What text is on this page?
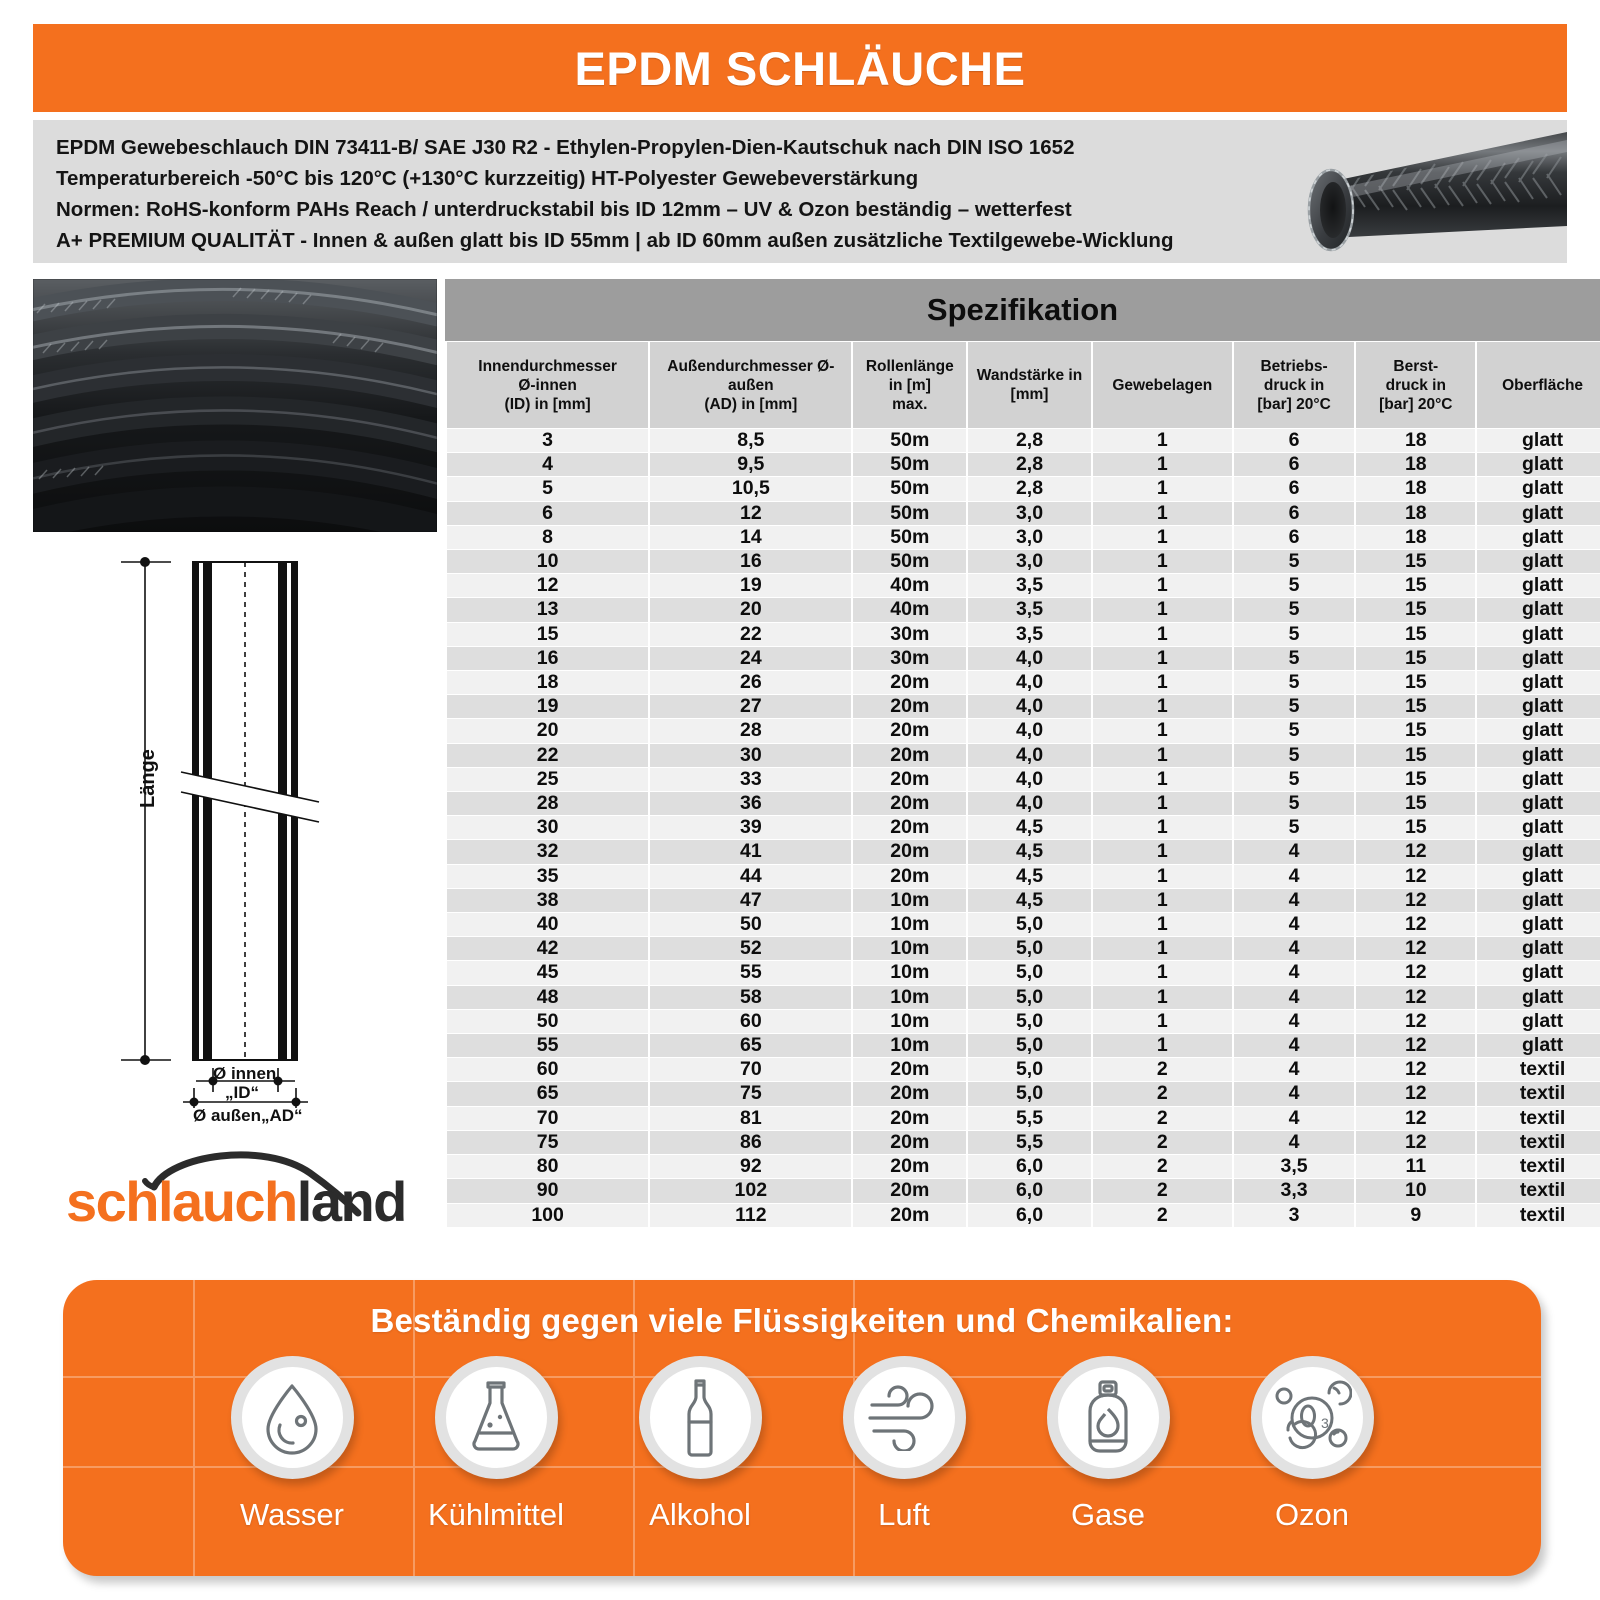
EPDM SCHLÄUCHE
EPDM Gewebeschlauch DIN 73411-B/ SAE J30 R2 - Ethylen-Propylen-Dien-Kautschuk nach DIN ISO 1652
Temperaturbereich -50°C bis 120°C (+130°C kurzzeitig) HT-Polyester Gewebeverstärkung
Normen: RoHS-konform PAHs Reach / unterdruckstabil bis ID 12mm – UV & Ozon beständig – wetterfest
A+ PREMIUM QUALITÄT - Innen & außen glatt bis ID 55mm | ab ID 60mm außen zusätzliche Textilgewebe-Wicklung
Länge
Ø innen
„ID“
Ø außen„AD“
schlauchland
Spezifikation
Innendurchmesser
Ø-innen
(ID) in [mm]

Außendurchmesser Ø-
außen
(AD) in [mm]

Rollenlänge
in [m]
max.

Wandstärke in
[mm]

Gewebelagen

Betriebs-
druck in
[bar] 20°C

Berst-
druck in
[bar] 20°C

Oberfläche

3	8,5	50m	2,8	1	6	18	glatt
4	9,5	50m	2,8	1	6	18	glatt
5	10,5	50m	2,8	1	6	18	glatt
6	12	50m	3,0	1	6	18	glatt
8	14	50m	3,0	1	6	18	glatt
10	16	50m	3,0	1	5	15	glatt
12	19	40m	3,5	1	5	15	glatt
13	20	40m	3,5	1	5	15	glatt
15	22	30m	3,5	1	5	15	glatt
16	24	30m	4,0	1	5	15	glatt
18	26	20m	4,0	1	5	15	glatt
19	27	20m	4,0	1	5	15	glatt
20	28	20m	4,0	1	5	15	glatt
22	30	20m	4,0	1	5	15	glatt
25	33	20m	4,0	1	5	15	glatt
28	36	20m	4,0	1	5	15	glatt
30	39	20m	4,5	1	5	15	glatt
32	41	20m	4,5	1	4	12	glatt
35	44	20m	4,5	1	4	12	glatt
38	47	10m	4,5	1	4	12	glatt
40	50	10m	5,0	1	4	12	glatt
42	52	10m	5,0	1	4	12	glatt
45	55	10m	5,0	1	4	12	glatt
48	58	10m	5,0	1	4	12	glatt
50	60	10m	5,0	1	4	12	glatt
55	65	10m	5,0	1	4	12	glatt
60	70	20m	5,0	2	4	12	textil
65	75	20m	5,0	2	4	12	textil
70	81	20m	5,5	2	4	12	textil
75	86	20m	5,5	2	4	12	textil
80	92	20m	6,0	2	3,5	11	textil
90	102	20m	6,0	2	3,3	10	textil
100	112	20m	6,0	2	3	9	textil
Beständig gegen viele Flüssigkeiten und Chemikalien:
Wasser	Kühlmittel	Alkohol	Luft	Gase
3
Ozon
